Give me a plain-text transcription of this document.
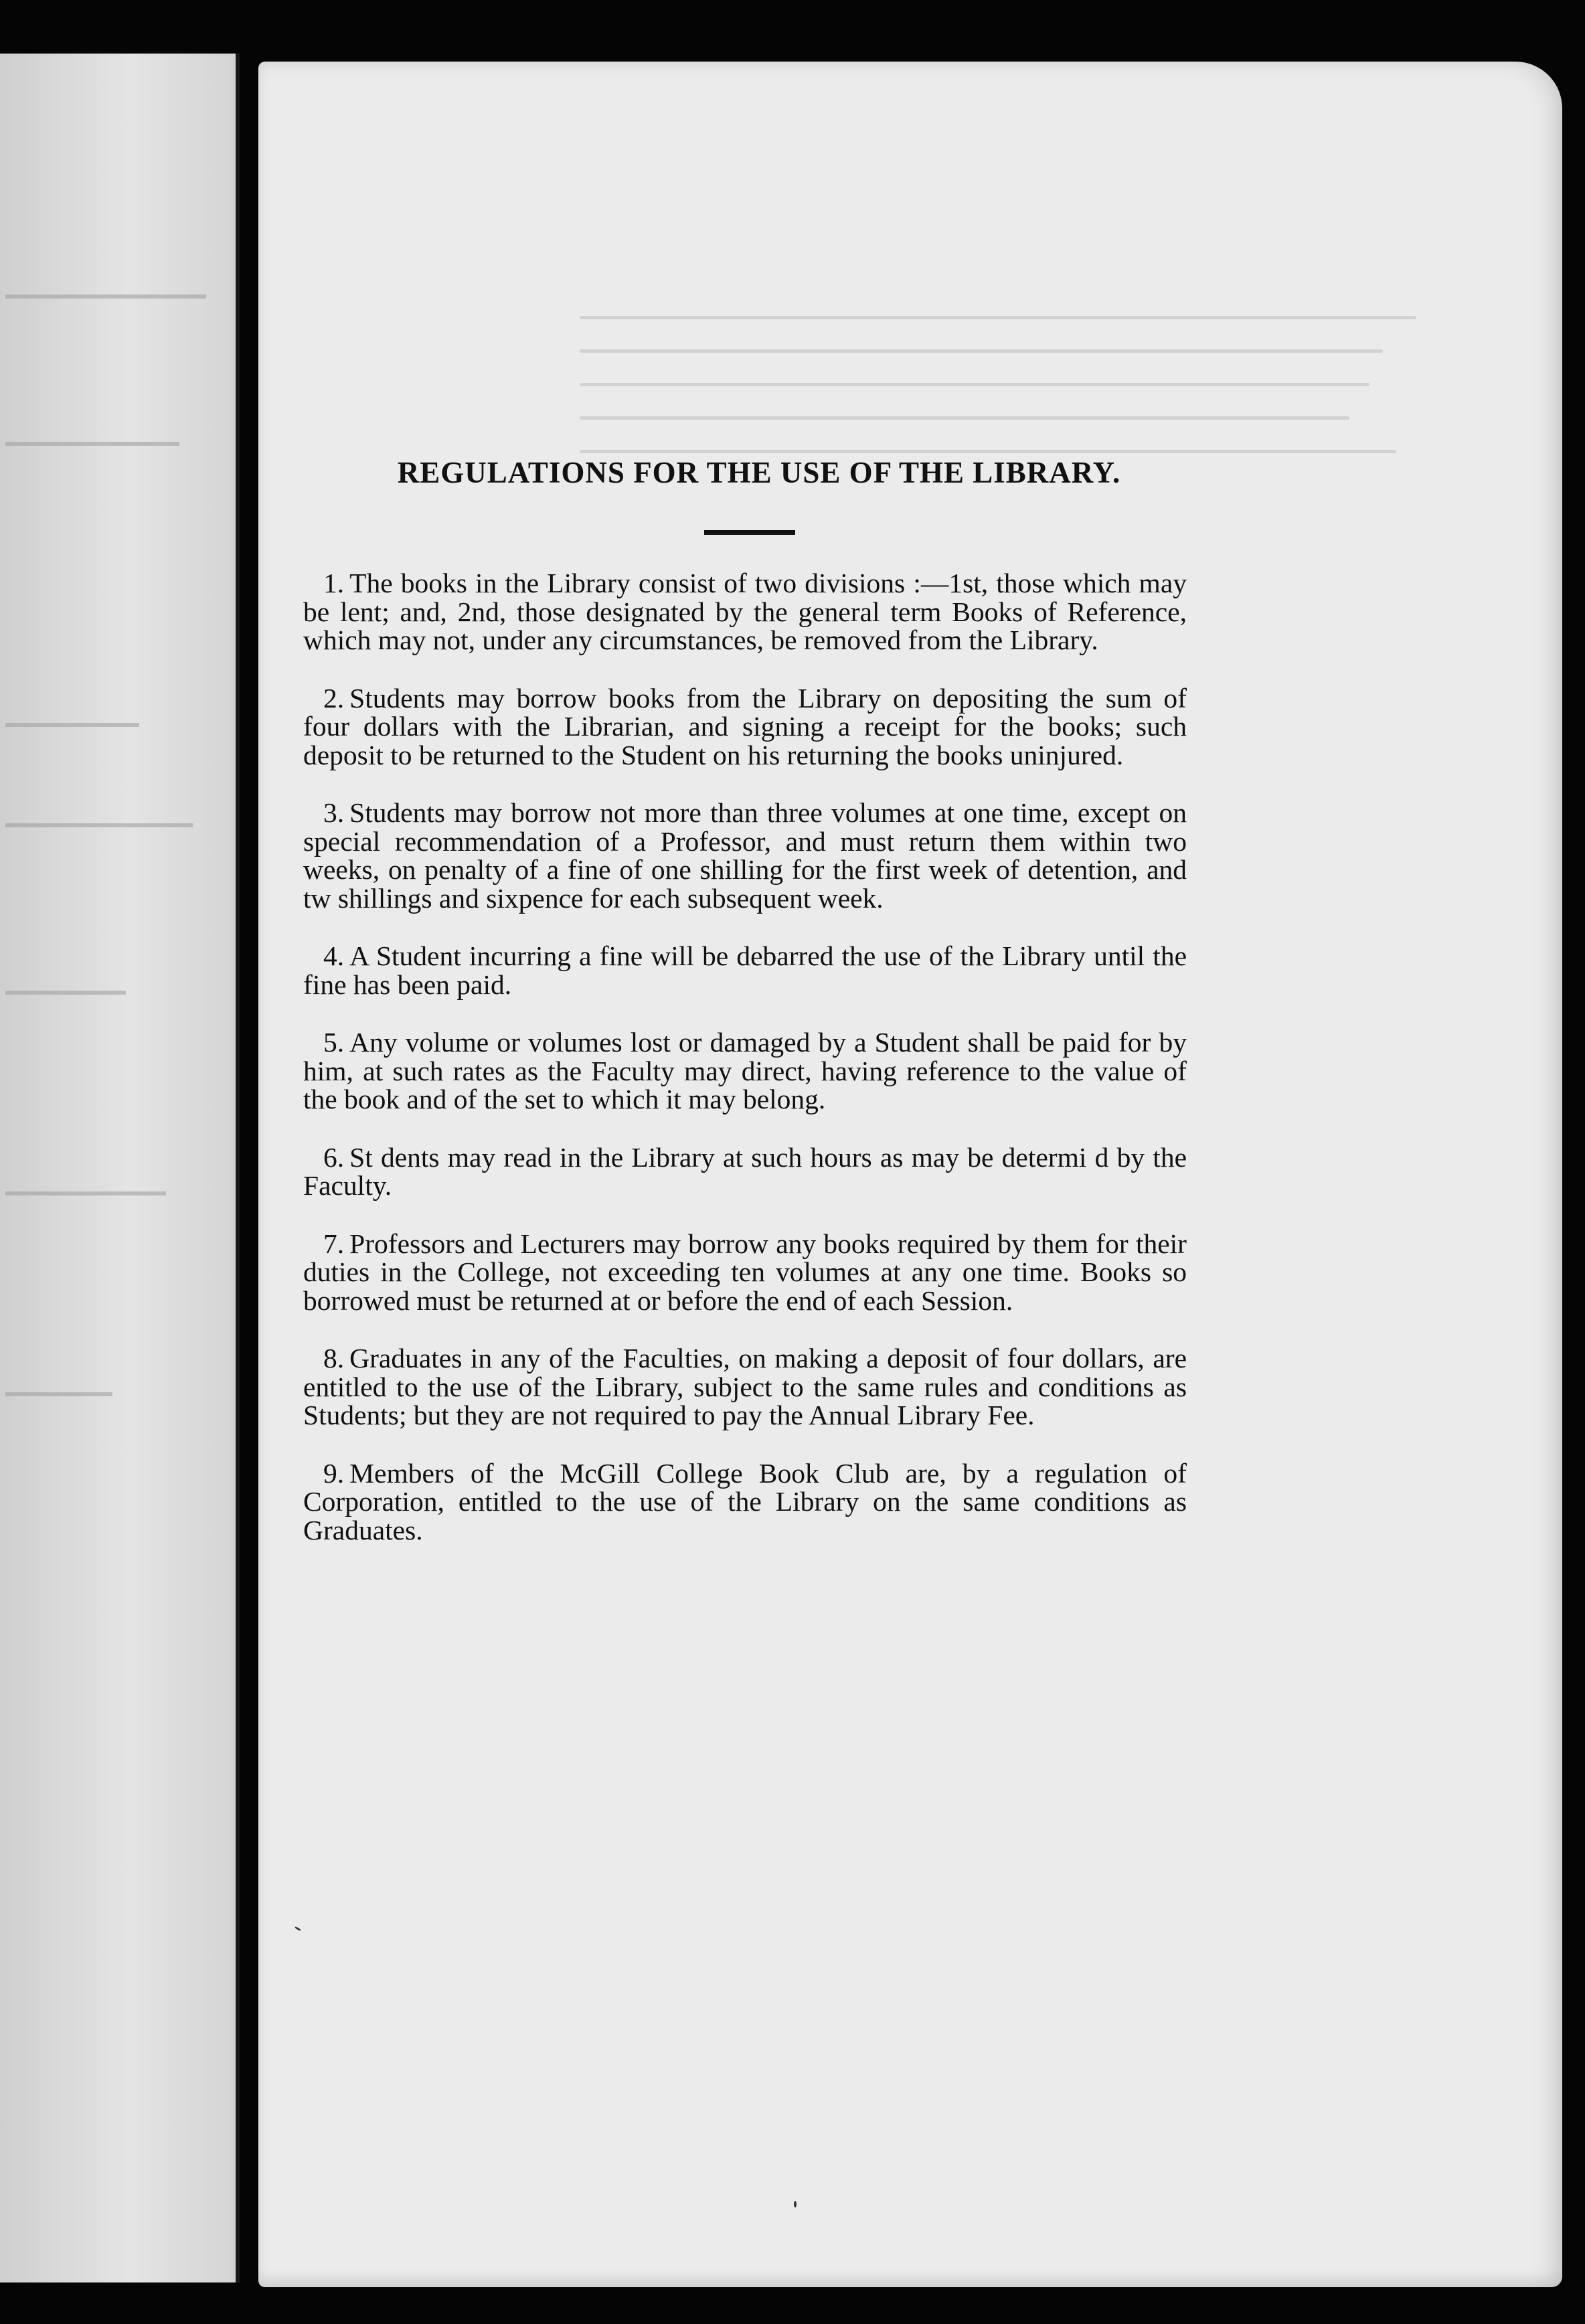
REGULATIONS FOR THE USE OF THE LIBRARY.

1. The books in the Library consist of two divisions :—1st, those which may be lent; and, 2nd, those designated by the general term Books of Reference, which may not, under any circumstances, be removed from the Library.

2. Students may borrow books from the Library on depositing the sum of four dollars with the Librarian, and signing a receipt for the books; such deposit to be returned to the Student on his returning the books uninjured.

3. Students may borrow not more than three volumes at one time, except on special recommendation of a Professor, and must return them within two weeks, on penalty of a fine of one shilling for the first week of detention, and tw shillings and sixpence for each subsequent week.

4. A Student incurring a fine will be debarred the use of the Library until the fine has been paid.

5. Any volume or volumes lost or damaged by a Student shall be paid for by him, at such rates as the Faculty may direct, having reference to the value of the book and of the set to which it may belong.

6. St dents may read in the Library at such hours as may be determi d by the Faculty.

7. Professors and Lecturers may borrow any books required by them for their duties in the College, not exceeding ten volumes at any one time. Books so borrowed must be returned at or before the end of each Session.

8. Graduates in any of the Faculties, on making a deposit of four dollars, are entitled to the use of the Library, subject to the same rules and conditions as Students; but they are not required to pay the Annual Library Fee.

9. Members of the McGill College Book Club are, by a regulation of Corporation, entitled to the use of the Library on the same conditions as Graduates.
